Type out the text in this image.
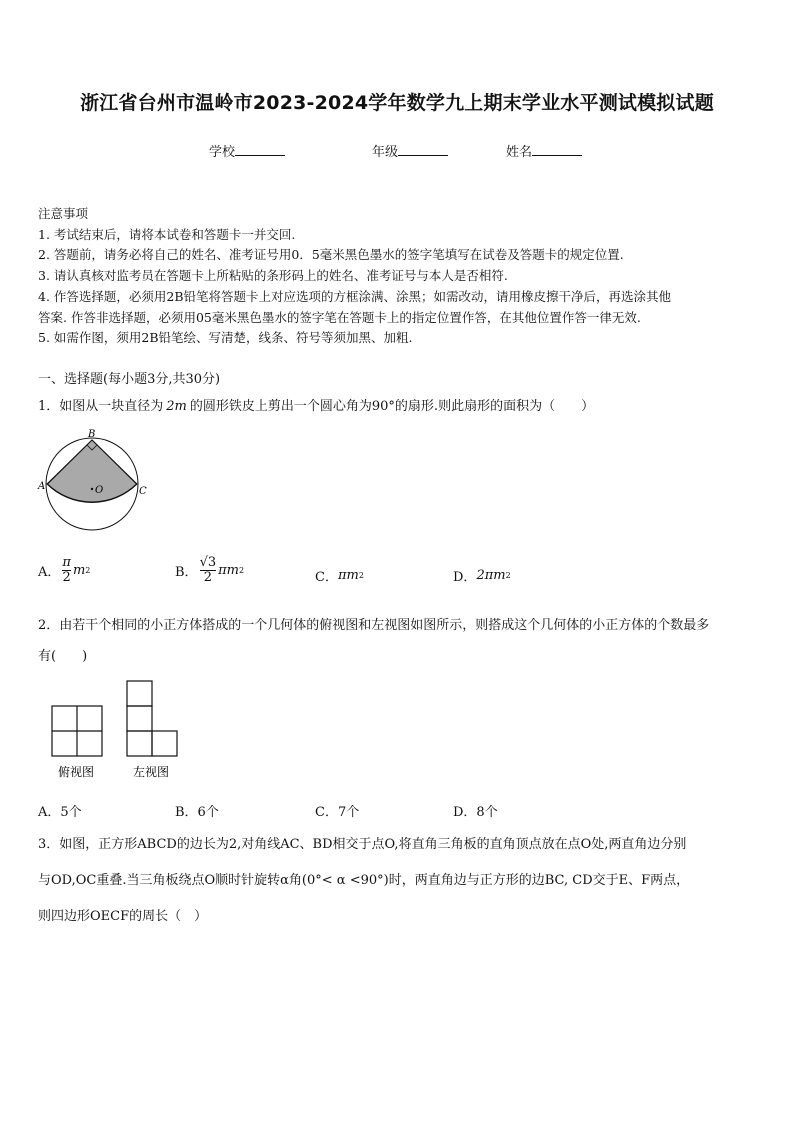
浙江省台州市温岭市2023-2024学年数学九上期末学业水平测试模拟试题
学校	年级	姓名
注意事项
1. 考试结束后，请将本试卷和答题卡一并交回.
2. 答题前，请务必将自己的姓名、准考证号用0．5毫米黑色墨水的签字笔填写在试卷及答题卡的规定位置.
3. 请认真核对监考员在答题卡上所粘贴的条形码上的姓名、准考证号与本人是否相符.
4. 作答选择题，必须用2B铅笔将答题卡上对应选项的方框涂满、涂黑；如需改动，请用橡皮擦干净后，再选涂其他
答案. 作答非选择题，必须用05毫米黑色墨水的签字笔在答题卡上的指定位置作答，在其他位置作答一律无效.
5. 如需作图，须用2B铅笔绘、写清楚，线条、符号等须加黑、加粗.
一、选择题(每小题3分,共30分)
1．如图从一块直径为 2m 的圆形铁皮上剪出一个圆心角为90°的扇形.则此扇形的面积为（　　）
B
A	C
O
A． $\frac{\pi}{2}$ m 2	B． $\frac{√3}{2}$ πm 2	C． πm 2	D． 2πm 2
2．由若干个相同的小正方体搭成的一个几何体的俯视图和左视图如图所示，则搭成这个几何体的小正方体的个数最多
有(　　)
俯视图	左视图
A．5个	B．6个	C．7个	D．8个
3．如图，正方形ABCD的边长为2,对角线AC、BD相交于点O,将直角三角板的直角顶点放在点O处,两直角边分别
与OD,OC重叠.当三角板绕点O顺时针旋转α角(0°< α <90°)时，两直角边与正方形的边BC, CD交于E、F两点，
则四边形OECF的周长（　）
